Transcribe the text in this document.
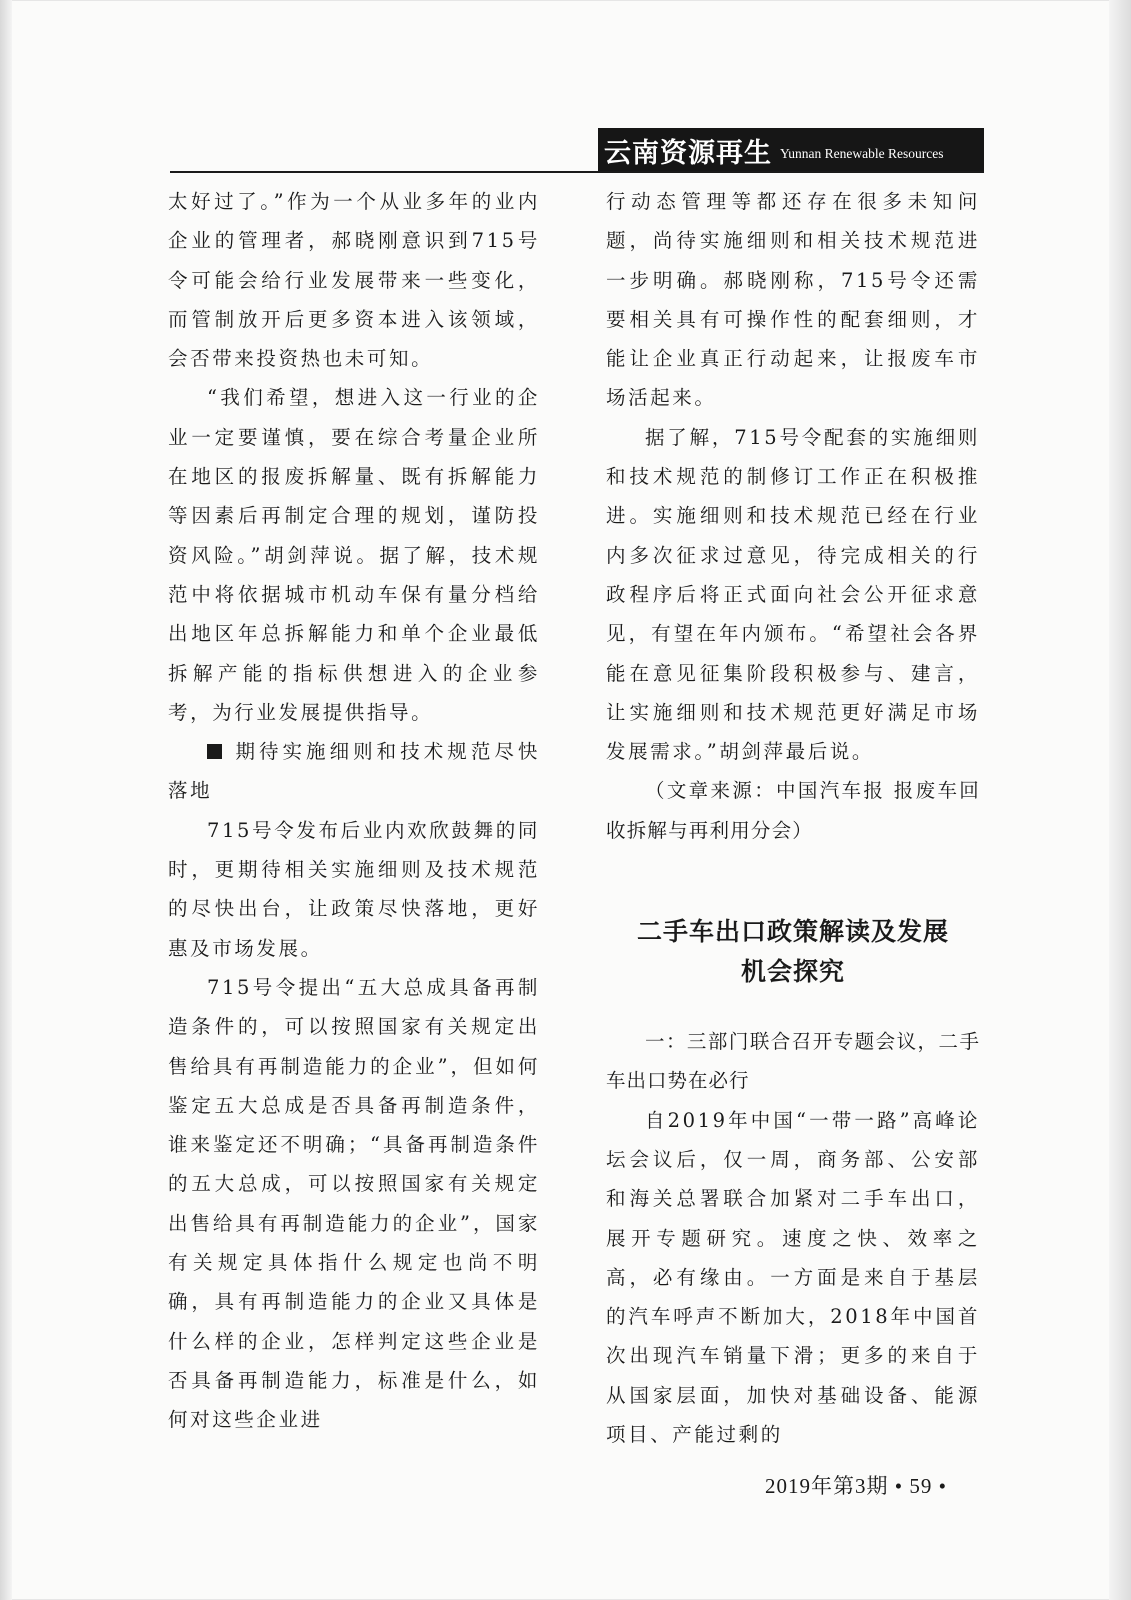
云南资源再生 Yunnan Renewable Resources

太好过了。”作为一个从业多年的业内企业的管理者，郝晓刚意识到715号令可能会给行业发展带来一些变化，而管制放开后更多资本进入该领域，会否带来投资热也未可知。

“我们希望，想进入这一行业的企业一定要谨慎，要在综合考量企业所在地区的报废拆解量、既有拆解能力等因素后再制定合理的规划，谨防投资风险。”胡剑萍说。据了解，技术规范中将依据城市机动车保有量分档给出地区年总拆解能力和单个企业最低拆解产能的指标供想进入的企业参考，为行业发展提供指导。

期待实施细则和技术规范尽快落地

715号令发布后业内欢欣鼓舞的同时，更期待相关实施细则及技术规范的尽快出台，让政策尽快落地，更好惠及市场发展。

715号令提出“五大总成具备再制造条件的，可以按照国家有关规定出售给具有再制造能力的企业”，但如何鉴定五大总成是否具备再制造条件，谁来鉴定还不明确；“具备再制造条件的五大总成，可以按照国家有关规定出售给具有再制造能力的企业”，国家有关规定具体指什么规定也尚不明确，具有再制造能力的企业又具体是什么样的企业，怎样判定这些企业是否具备再制造能力，标准是什么，如何对这些企业进

行动态管理等都还存在很多未知问题，尚待实施细则和相关技术规范进一步明确。郝晓刚称，715号令还需要相关具有可操作性的配套细则，才能让企业真正行动起来，让报废车市场活起来。

据了解，715号令配套的实施细则和技术规范的制修订工作正在积极推进。实施细则和技术规范已经在行业内多次征求过意见，待完成相关的行政程序后将正式面向社会公开征求意见，有望在年内颁布。“希望社会各界能在意见征集阶段积极参与、建言，让实施细则和技术规范更好满足市场发展需求。”胡剑萍最后说。

（文章来源：中国汽车报 报废车回收拆解与再利用分会）

二手车出口政策解读及发展
机会探究

一：三部门联合召开专题会议，二手车出口势在必行

自2019年中国“一带一路”高峰论坛会议后，仅一周，商务部、公安部和海关总署联合加紧对二手车出口，展开专题研究。速度之快、效率之高，必有缘由。一方面是来自于基层的汽车呼声不断加大，2018年中国首次出现汽车销量下滑；更多的来自于从国家层面，加快对基础设备、能源项目、产能过剩的

2019年第3期 • 59 •
